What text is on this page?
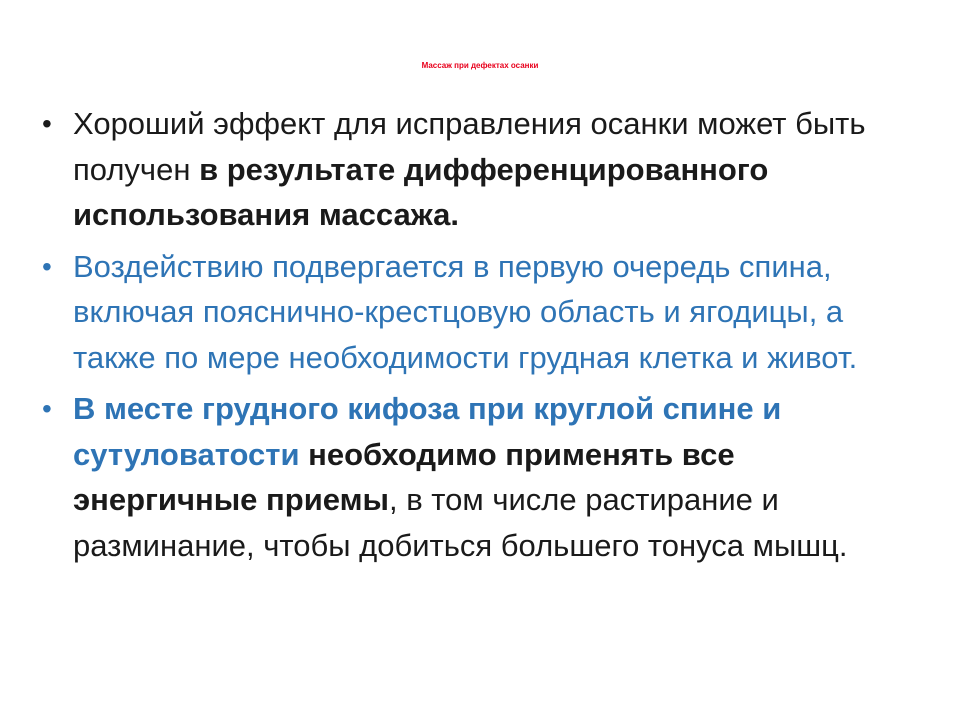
Массаж при дефектах осанки
• Хороший эффект для исправления осанки может быть получен в результате дифференцированного использования массажа.
• Воздействию подвергается в первую очередь спина, включая пояснично-крестцовую область и ягодицы, а также по мере необходимости грудная клетка и живот.
• В месте грудного кифоза при круглой спине и сутуловатости необходимо применять все энергичные приемы, в том числе растирание и разминание, чтобы добиться большего тонуса мышц.
